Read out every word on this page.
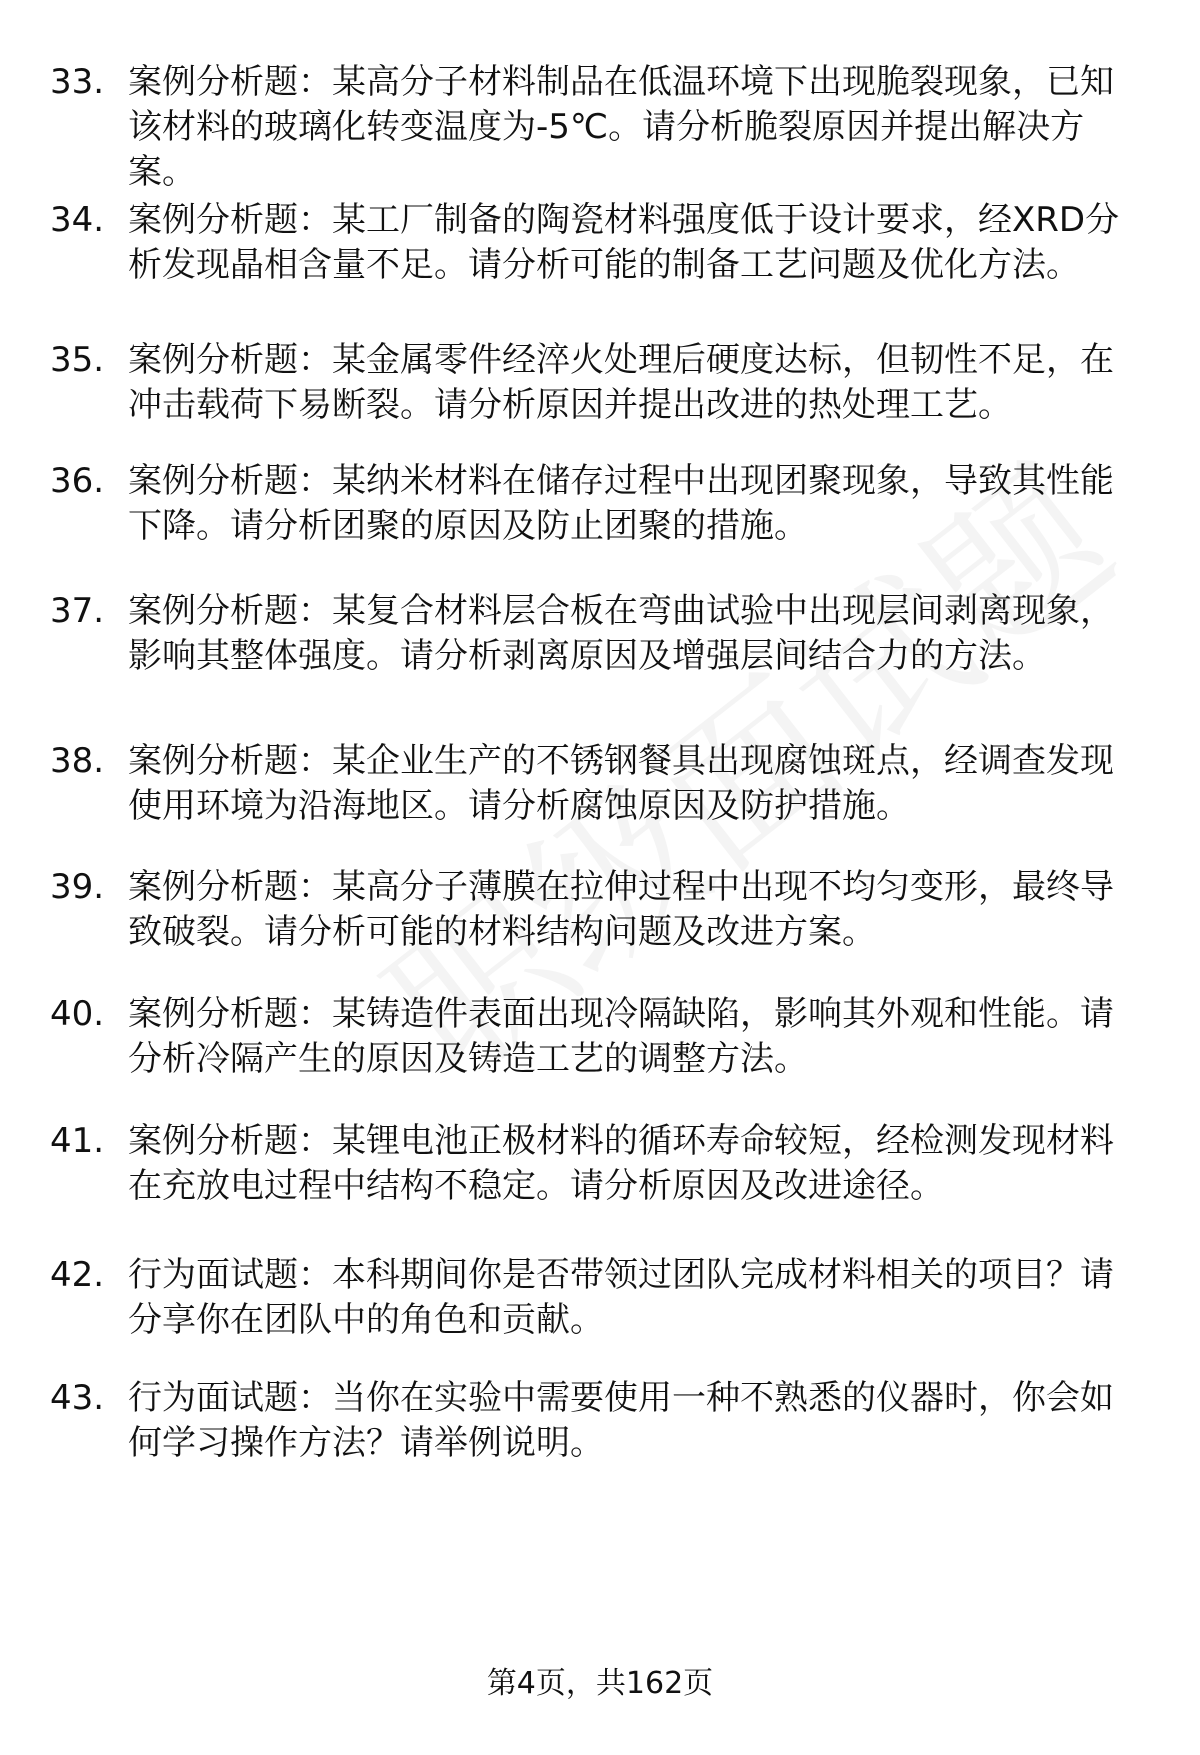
33. 案例分析题：某高分子材料制品在低温环境下出现脆裂现象，已知该材料的玻璃化转变温度为-5℃。请分析脆裂原因并提出解决方案。
34. 案例分析题：某工厂制备的陶瓷材料强度低于设计要求，经XRD分析发现晶相含量不足。请分析可能的制备工艺问题及优化方法。
35. 案例分析题：某金属零件经淬火处理后硬度达标，但韧性不足，在冲击载荷下易断裂。请分析原因并提出改进的热处理工艺。
36. 案例分析题：某纳米材料在储存过程中出现团聚现象，导致其性能下降。请分析团聚的原因及防止团聚的措施。
37. 案例分析题：某复合材料层合板在弯曲试验中出现层间剥离现象，影响其整体强度。请分析剥离原因及增强层间结合力的方法。
38. 案例分析题：某企业生产的不锈钢餐具出现腐蚀斑点，经调查发现使用环境为沿海地区。请分析腐蚀原因及防护措施。
39. 案例分析题：某高分子薄膜在拉伸过程中出现不均匀变形，最终导致破裂。请分析可能的材料结构问题及改进方案。
40. 案例分析题：某铸造件表面出现冷隔缺陷，影响其外观和性能。请分析冷隔产生的原因及铸造工艺的调整方法。
41. 案例分析题：某锂电池正极材料的循环寿命较短，经检测发现材料在充放电过程中结构不稳定。请分析原因及改进途径。
42. 行为面试题：本科期间你是否带领过团队完成材料相关的项目？请分享你在团队中的角色和贡献。
43. 行为面试题：当你在实验中需要使用一种不熟悉的仪器时，你会如何学习操作方法？请举例说明。
第4页，共162页
